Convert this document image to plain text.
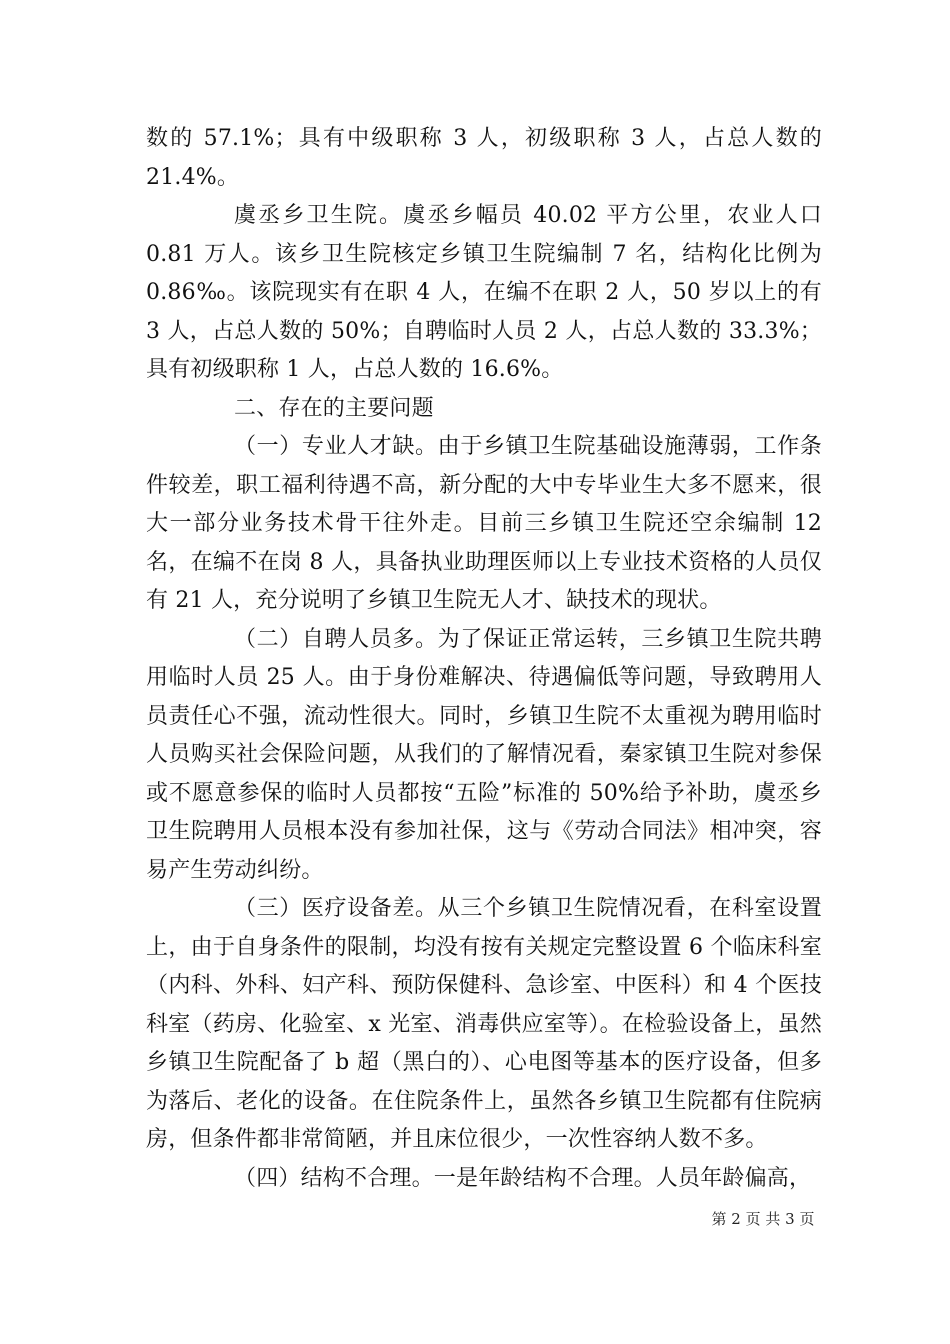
数的 57.1%；具有中级职称 3 人，初级职称 3 人，占总人数的 21.4%。

虞丞乡卫生院。虞丞乡幅员 40.02 平方公里，农业人口 0.81 万人。该乡卫生院核定乡镇卫生院编制 7 名，结构化比例为 0.86‰。该院现实有在职 4 人，在编不在职 2 人，50 岁以上的有 3 人，占总人数的 50%；自聘临时人员 2 人，占总人数的 33.3%；具有初级职称 1 人，占总人数的 16.6%。

二、存在的主要问题

（一）专业人才缺。由于乡镇卫生院基础设施薄弱，工作条件较差，职工福利待遇不高，新分配的大中专毕业生大多不愿来，很大一部分业务技术骨干往外走。目前三乡镇卫生院还空余编制 12 名，在编不在岗 8 人，具备执业助理医师以上专业技术资格的人员仅有 21 人，充分说明了乡镇卫生院无人才、缺技术的现状。

（二）自聘人员多。为了保证正常运转，三乡镇卫生院共聘用临时人员 25 人。由于身份难解决、待遇偏低等问题，导致聘用人员责任心不强，流动性很大。同时，乡镇卫生院不太重视为聘用临时人员购买社会保险问题，从我们的了解情况看，秦家镇卫生院对参保或不愿意参保的临时人员都按“五险”标准的 50%给予补助，虞丞乡卫生院聘用人员根本没有参加社保，这与《劳动合同法》相冲突，容易产生劳动纠纷。

（三）医疗设备差。从三个乡镇卫生院情况看，在科室设置上，由于自身条件的限制，均没有按有关规定完整设置 6 个临床科室（内科、外科、妇产科、预防保健科、急诊室、中医科）和 4 个医技科室（药房、化验室、x 光室、消毒供应室等）。在检验设备上，虽然乡镇卫生院配备了 b 超（黑白的）、心电图等基本的医疗设备，但多为落后、老化的设备。在住院条件上，虽然各乡镇卫生院都有住院病房，但条件都非常简陋，并且床位很少，一次性容纳人数不多。

（四）结构不合理。一是年龄结构不合理。人员年龄偏高，

第 2 页 共 3 页
